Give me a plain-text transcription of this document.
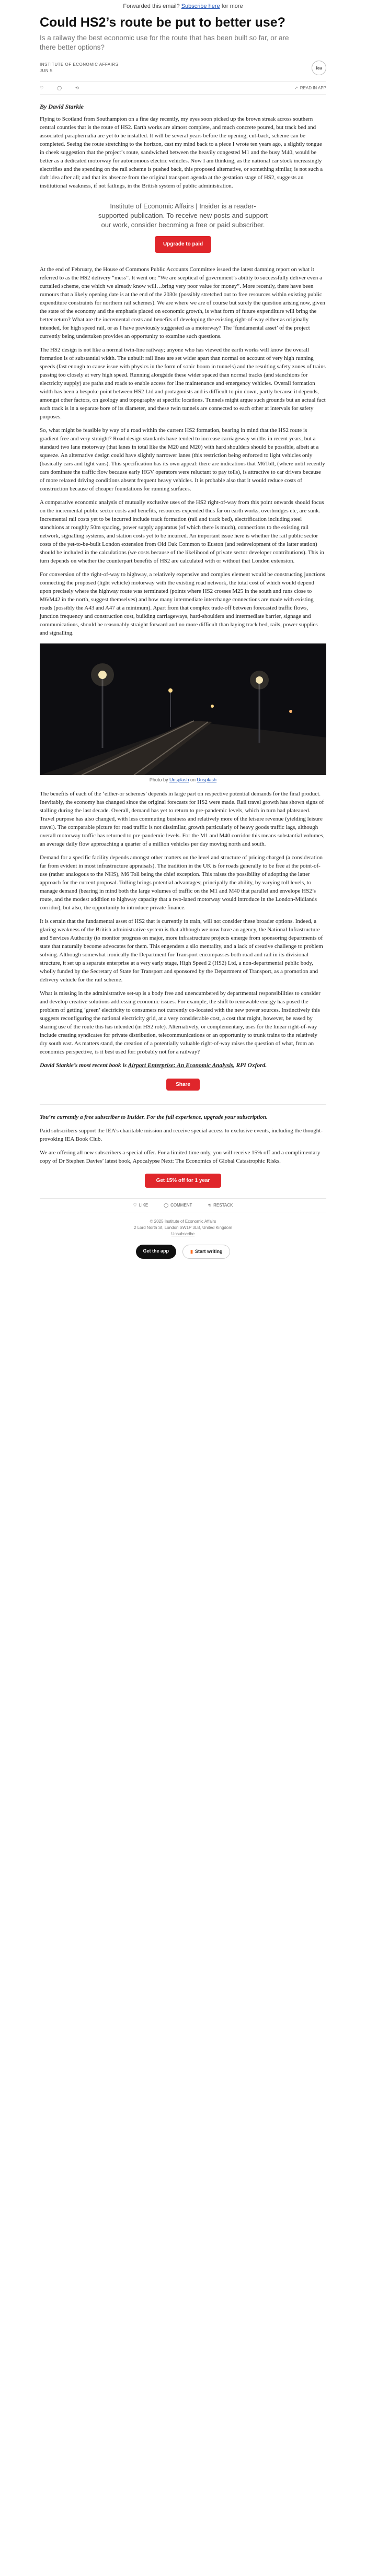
Forwarded this email? Subscribe here for more
Could HS2’s route be put to better use?
Is a railway the best economic use for the route that has been built so far, or are there better options?
INSTITUTE OF ECONOMIC AFFAIRS
JUN 5
iea
♡	◯	⟲	↗ READ IN APP
By David Starkie

Flying to Scotland from Southampton on a fine day recently, my eyes soon picked up the brown streak across southern central counties that is the route of HS2. Earth works are almost complete, and much concrete poured, but track bed and associated paraphernalia are yet to be installed. It will be several years before the opening, cut-back, scheme can be completed. Seeing the route stretching to the horizon, cast my mind back to a piece I wrote ten years ago, a slightly tongue in cheek suggestion that the project’s route, sandwiched between the heavily congested M1 and the busy M40, would be better as a dedicated motorway for autonomous electric vehicles. Now I am thinking, as the national car stock increasingly electrifies and the spending on the rail scheme is pushed back, this proposed alternative, or something similar, is not such a daft idea after all; and that its absence from the original transport agenda at the gestation stage of HS2, suggests an institutional weakness, if not failings, in the British system of public administration.

Institute of Economic Affairs | Insider is a reader-supported publication. To receive new posts and support our work, consider becoming a free or paid subscriber.
Upgrade to paid

At the end of February, the House of Commons Public Accounts Committee issued the latest damning report on what it referred to as the HS2 delivery “mess”. It went on: “We are sceptical of government’s ability to successfully deliver even a curtailed scheme, one which we already know will…bring very poor value for money”. More recently, there have been rumours that a likely opening date is at the end of the 2030s (possibly stretched out to free resources within existing public expenditure constraints for northern rail schemes). We are where we are of course but surely the question arising now, given the state of the economy and the emphasis placed on economic growth, is what form of future expenditure will bring the better return? What are the incremental costs and benefits of developing the existing right-of-way either as originally intended, for high speed rail, or as I have previously suggested as a motorway? The ‘fundamental asset’ of the project currently being undertaken provides an opportunity to examine such questions.

The HS2 design is not like a normal twin-line railway; anyone who has viewed the earth works will know the overall formation is of substantial width. The unbuilt rail lines are set wider apart than normal on account of very high running speeds (fast enough to cause issue with physics in the form of sonic boom in tunnels) and the resulting safety zones of trains passing too closely at very high speed. Running alongside these wider spaced than normal tracks (and stanchions for electricity supply) are paths and roads to enable access for line maintenance and emergency vehicles. Overall formation width has been a bespoke point between HS2 Ltd and protagonists and is difficult to pin down, partly because it depends, amongst other factors, on geology and topography at specific locations. Tunnels might argue such grounds but an actual fact each track is in a separate bore of its diameter, and these twin tunnels are connected to each other at intervals for safety purposes.

So, what might be feasible by way of a road within the current HS2 formation, bearing in mind that the HS2 route is gradient free and very straight? Road design standards have tended to increase carriageway widths in recent years, but a standard two lane motorway (that lanes in total like the M20 and M20) with hard shoulders should be possible, albeit at a squeeze. An alternative design could have slightly narrower lanes (this restriction being enforced to light vehicles only (basically cars and light vans). This specification has its own appeal: there are indications that M6Toll, (where until recently cars dominate the traffic flow because early HGV operators were reluctant to pay tolls), is attractive to car drivers because of more relaxed driving conditions absent frequent heavy vehicles. It is probable also that it would reduce costs of construction because of cheaper foundations for running surfaces.

A comparative economic analysis of mutually exclusive uses of the HS2 right-of-way from this point onwards should focus on the incremental public sector costs and benefits, resources expended thus far on earth works, overbridges etc, are sunk. Incremental rail costs yet to be incurred include track formation (rail and track bed), electrification including steel stanchions at roughly 50m spacing, power supply apparatus (of which there is much), connections to the existing rail network, signalling systems, and station costs yet to be incurred. An important issue here is whether the rail public sector costs of the yet-to-be-built London extension from Old Oak Common to Euston (and redevelopment of the latter station) should be included in the calculations (we costs because of the likelihood of private sector developer contributions). This in turn depends on whether the counterpart benefits of HS2 are calculated with or without that London extension.

For conversion of the right-of-way to highway, a relatively expensive and complex element would be constructing junctions connecting the proposed (light vehicle) motorway with the existing road network, the total cost of which would depend upon precisely where the highway route was terminated (points where HS2 crosses M25 in the south and runs close to M6/M42 in the north, suggest themselves) and how many intermediate interchange connections are made with existing roads (possibly the A43 and A47 at a minimum). Apart from that complex trade-off between forecasted traffic flows, junction frequency and construction cost, building carriageways, hard-shoulders and intermediate barrier, signage and communications, should be reasonably straight forward and no more difficult than laying track bed, rails, power supplies and signalling.

Photo by Unsplash on Unsplash

The benefits of each of the ‘either-or schemes’ depends in large part on respective potential demands for the final product. Inevitably, the economy has changed since the original forecasts for HS2 were made. Rail travel growth has shown signs of stalling during the last decade. Overall, demand has yet to return to pre-pandemic levels, which in turn had plateaued. Travel purpose has also changed, with less commuting business and relatively more of the leisure revenue (yielding leisure travel). The comparable picture for road traffic is not dissimilar, growth particularly of heavy goods traffic lags, although overall motorway traffic has returned to pre-pandemic levels. For the M1 and M40 corridor this means substantial volumes, an average daily flow approaching a quarter of a million vehicles per day moving north and south.

Demand for a specific facility depends amongst other matters on the level and structure of pricing charged (a consideration far from evident in most infrastructure appraisals). The tradition in the UK is for roads generally to be free at the point-of-use (rather analogous to the NHS), M6 Toll being the chief exception. This raises the possibility of adopting the latter approach for the current proposal. Tolling brings potential advantages; principally the ability, by varying toll levels, to manage demand (bearing in mind both the large volumes of traffic on the M1 and M40 that parallel and envelope HS2’s route, and the modest addition to highway capacity that a two-laned motorway would introduce in the London-Midlands corridor), but also, the opportunity to introduce private finance.

It is certain that the fundamental asset of HS2 that is currently in train, will not consider these broader options. Indeed, a glaring weakness of the British administrative system is that although we now have an agency, the National Infrastructure and Services Authority (to monitor progress on major, more infrastructure projects emerge from sponsoring departments of state that naturally become advocates for them. This engenders a silo mentality, and a lack of creative challenge to problem solving. Although somewhat ironically the Department for Transport encompasses both road and rail in its divisional structure, it set up a separate enterprise at a very early stage, High Speed 2 (HS2) Ltd, a non-departmental public body, wholly funded by the Secretary of State for Transport and sponsored by the Department of Transport, as a promotion and delivery vehicle for the rail scheme.

What is missing in the administrative set-up is a body free and unencumbered by departmental responsibilities to consider and develop creative solutions addressing economic issues. For example, the shift to renewable energy has posed the problem of getting ‘green’ electricity to consumers not currently co-located with the new power sources. Instinctively this suggests reconfiguring the national electricity grid, at a very considerable cost, a cost that might, however, be eased by sharing use of the route this has intended (in HS2 role). Alternatively, or complementary, uses for the linear right-of-way include creating syndicates for private distribution, telecommunications or an opportunity to trunk trains to the relatively dry south east. As matters stand, the creation of a potentially valuable right-of-way raises the question of what, from an economics perspective, is it best used for: probably not for a railway?

David Starkie’s most recent book is Airport Enterprise: An Economic Analysis, RPI Oxford.
Share

You’re currently a free subscriber to Insider. For the full experience, upgrade your subscription.

Paid subscribers support the IEA’s charitable mission and receive special access to exclusive events, including the thought-provoking IEA Book Club.

We are offering all new subscribers a special offer. For a limited time only, you will receive 15% off and a complimentary copy of Dr Stephen Davies’ latest book, Apocalypse Next: The Economics of Global Catastrophic Risks.

Get 15% off for 1 year
♡ LIKE	◯ COMMENT	⟲ RESTACK
© 2025 Institute of Economic Affairs
2 Lord North St, London SW1P 3LB, United Kingdom
Unsubscribe
Get the app	▮ Start writing
